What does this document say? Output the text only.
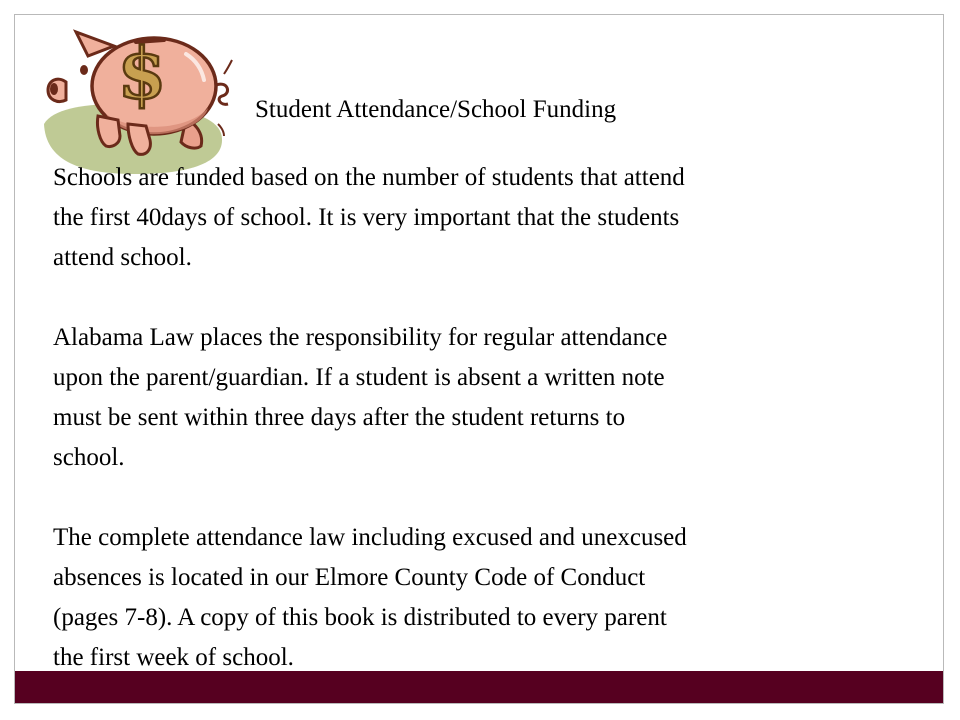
$	Student Attendance/School Funding
Schools are funded based on the number of students that attend
the first 40days of school. It is very important that the students
attend school.
Alabama Law places the responsibility for regular attendance
upon the parent/guardian. If a student is absent a written note
must be sent within three days after the student returns to
school.
The complete attendance law including excused and unexcused
absences is located in our Elmore County Code of Conduct
(pages 7-8). A copy of this book is distributed to every parent
the first week of school.
